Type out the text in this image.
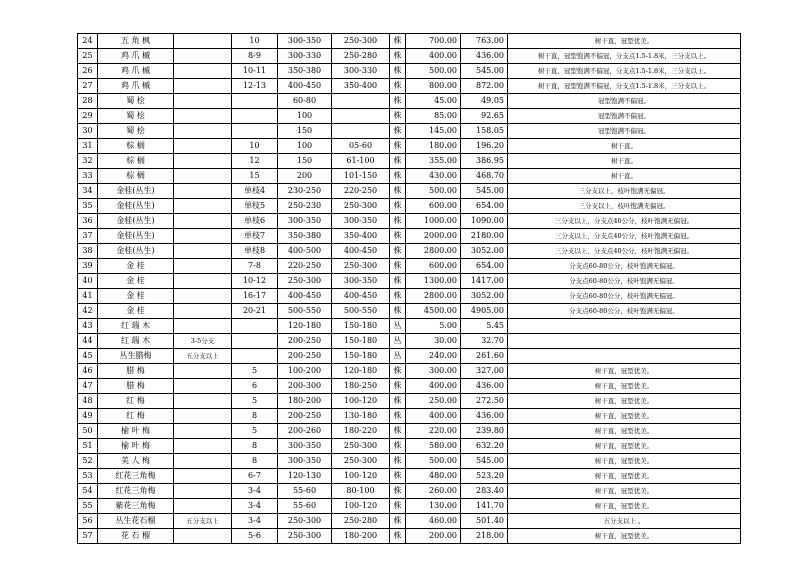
24	五 角 枫		10	300-350	250-300	株	700.00	763.00	树干直，冠型优美。
25	鸡 爪 槭		8-9	300-330	250-280	株	400.00	436.00	树干直，冠型饱满不偏冠，分支点1.5-1.8米，三分支以上。
26	鸡 爪 槭		10-11	350-380	300-330	株	500.00	545.00	树干直，冠型饱满不偏冠，分支点1.5-1.8米，三分支以上。
27	鸡 爪 槭		12-13	400-450	350-400	株	800.00	872.00	树干直，冠型饱满不偏冠，分支点1.5-1.8米，三分支以上。
28	蜀 桧			60-80		株	45.00	49.05	冠型饱满不偏冠。
29	蜀 桧			100		株	85.00	92.65	冠型饱满不偏冠。
30	蜀 桧			150		株	145.00	158.05	冠型饱满不偏冠。
31	棕 榈		10	100	05-60	株	180.00	196.20	树干直。
32	棕 榈		12	150	61-100	株	355.00	386.95	树干直。
33	棕 榈		15	200	101-150	株	430.00	468.70	树干直。
34	金桂(丛生)		单枝4	230-250	220-250	株	500.00	545.00	三分支以上，枝叶饱满无偏冠。
35	金桂(丛生)		单枝5	250-230	250-300	株	600.00	654.00	三分支以上，枝叶饱满无偏冠。
36	金桂(丛生)		单枝6	300-350	300-350	株	1000.00	1090.00	三分支以上，分支点40公分，枝叶饱满无偏冠。
37	金桂(丛生)		单枝7	350-380	350-400	株	2000.00	2180.00	三分支以上，分支点40公分，枝叶饱满无偏冠。
38	金桂(丛生)		单枝8	400-500	400-450	株	2800.00	3052.00	三分支以上，分支点40公分，枝叶饱满无偏冠。
39	金 桂		7-8	220-250	250-300	株	600.00	654.00	分支点60-80公分，枝叶饱满无偏冠。
40	金 桂		10-12	250-300	300-350	株	1300.00	1417.00	分支点60-80公分，枝叶饱满无偏冠。
41	金 桂		16-17	400-450	400-450	株	2800.00	3052.00	分支点60-80公分，枝叶饱满无偏冠。
42	金 桂		20-21	500-550	500-550	株	4500.00	4905.00	分支点60-80公分，枝叶饱满无偏冠。
43	红 瑞 木			120-180	150-180	丛	5.00	5.45	
44	红 瑞 木	3-5分支		200-250	150-180	丛	30.00	32.70	
45	丛生腊梅	五分支以上		200-250	150-180	丛	240.00	261.60	
46	腊 梅		5	100-200	120-180	株	300.00	327.00	树干直，冠型优美。
47	腊 梅		6	200-300	180-250	株	400.00	436.00	树干直，冠型优美。
48	红 梅		5	180-200	100-120	株	250.00	272.50	树干直，冠型优美。
49	红 梅		8	200-250	130-180	株	400.00	436.00	树干直，冠型优美。
50	榆 叶 梅		5	200-260	180-220	株	220.00	239.80	树干直，冠型优美。
51	榆 叶 梅		8	300-350	250-300	株	580.00	632.20	树干直，冠型优美。
52	美 人 梅		8	300-350	250-300	株	500.00	545.00	树干直，冠型优美。
53	红花三角梅		6-7	120-130	100-120	株	480.00	523.20	树干直，冠型优美。
54	红花三角梅		3-4	55-60	80-100	株	260.00	283.40	树干直，冠型优美。
55	紫花三角梅		3-4	55-60	100-120	株	130.00	141.70	树干直，冠型优美。
56	丛生花石榴	五分支以上	3-4	250-300	250-280	株	460.00	501.40	五分支以上 。
57	花 石 榴		5-6	250-300	180-200	株	200.00	218.00	树干直，冠型优美。
